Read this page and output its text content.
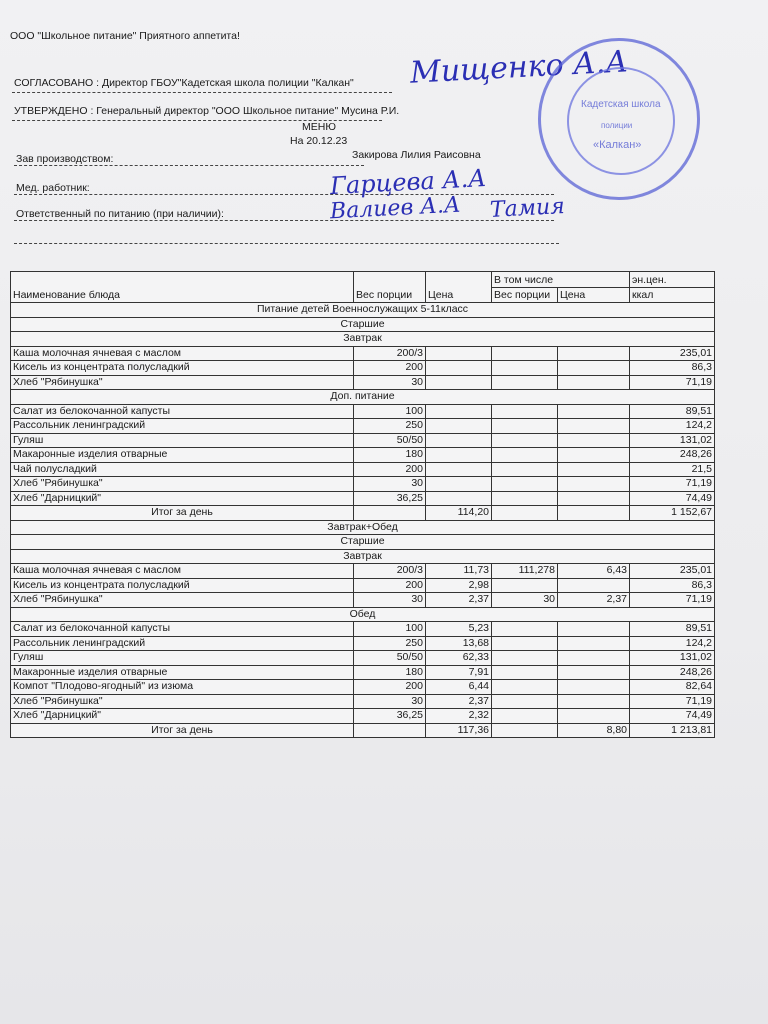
ООО "Школьное питание" Приятного аппетита!
СОГЛАСОВАНО : Директор ГБОУ"Кадетская школа полиции "Калкан" Мищенко А.А
УТВЕРЖДЕНО : Генеральный директор "ООО Школьное питание" Мусина Р.И.
МЕНЮ
На 20.12.23
Зав производством:	Закирова Лилия Раисовна
Мед. работник:	Гарцева А.А
Ответственный по питанию (при наличии):	Валиев А.А Тамия
Кадетская школа
полиции
«Калкан»
Наименование блюда	Вес порции	Цена	В том числе		эн.цен.
			Вес порции	Цена	ккал
Питание детей Военнослужащих 5-11класс					
Старшие					
Завтрак					
Каша молочная ячневая с маслом	200/3				235,01
Кисель из концентрата полусладкий	200				86,3
Хлеб "Рябинушка"	30				71,19
Доп. питание					
Салат из белокочанной капусты	100				89,51
Рассольник ленинградский	250				124,2
Гуляш	50/50				131,02
Макаронные изделия отварные	180				248,26
Чай полусладкий	200				21,5
Хлеб "Рябинушка"	30				71,19
Хлеб "Дарницкий"	36,25				74,49
Итог за день		114,20			1 152,67
Завтрак+Обед					
Старшие					
Завтрак					
Каша молочная ячневая с маслом	200/3	11,73	111,278	6,43	235,01
Кисель из концентрата полусладкий	200	2,98			86,3
Хлеб "Рябинушка"	30	2,37	30	2,37	71,19
Обед					
Салат из белокочанной капусты	100	5,23			89,51
Рассольник ленинградский	250	13,68			124,2
Гуляш	50/50	62,33			131,02
Макаронные изделия отварные	180	7,91			248,26
Компот "Плодово-ягодный" из изюма	200	6,44			82,64
Хлеб "Рябинушка"	30	2,37			71,19
Хлеб "Дарницкий"	36,25	2,32			74,49
Итог за день		117,36		8,80	1 213,81
